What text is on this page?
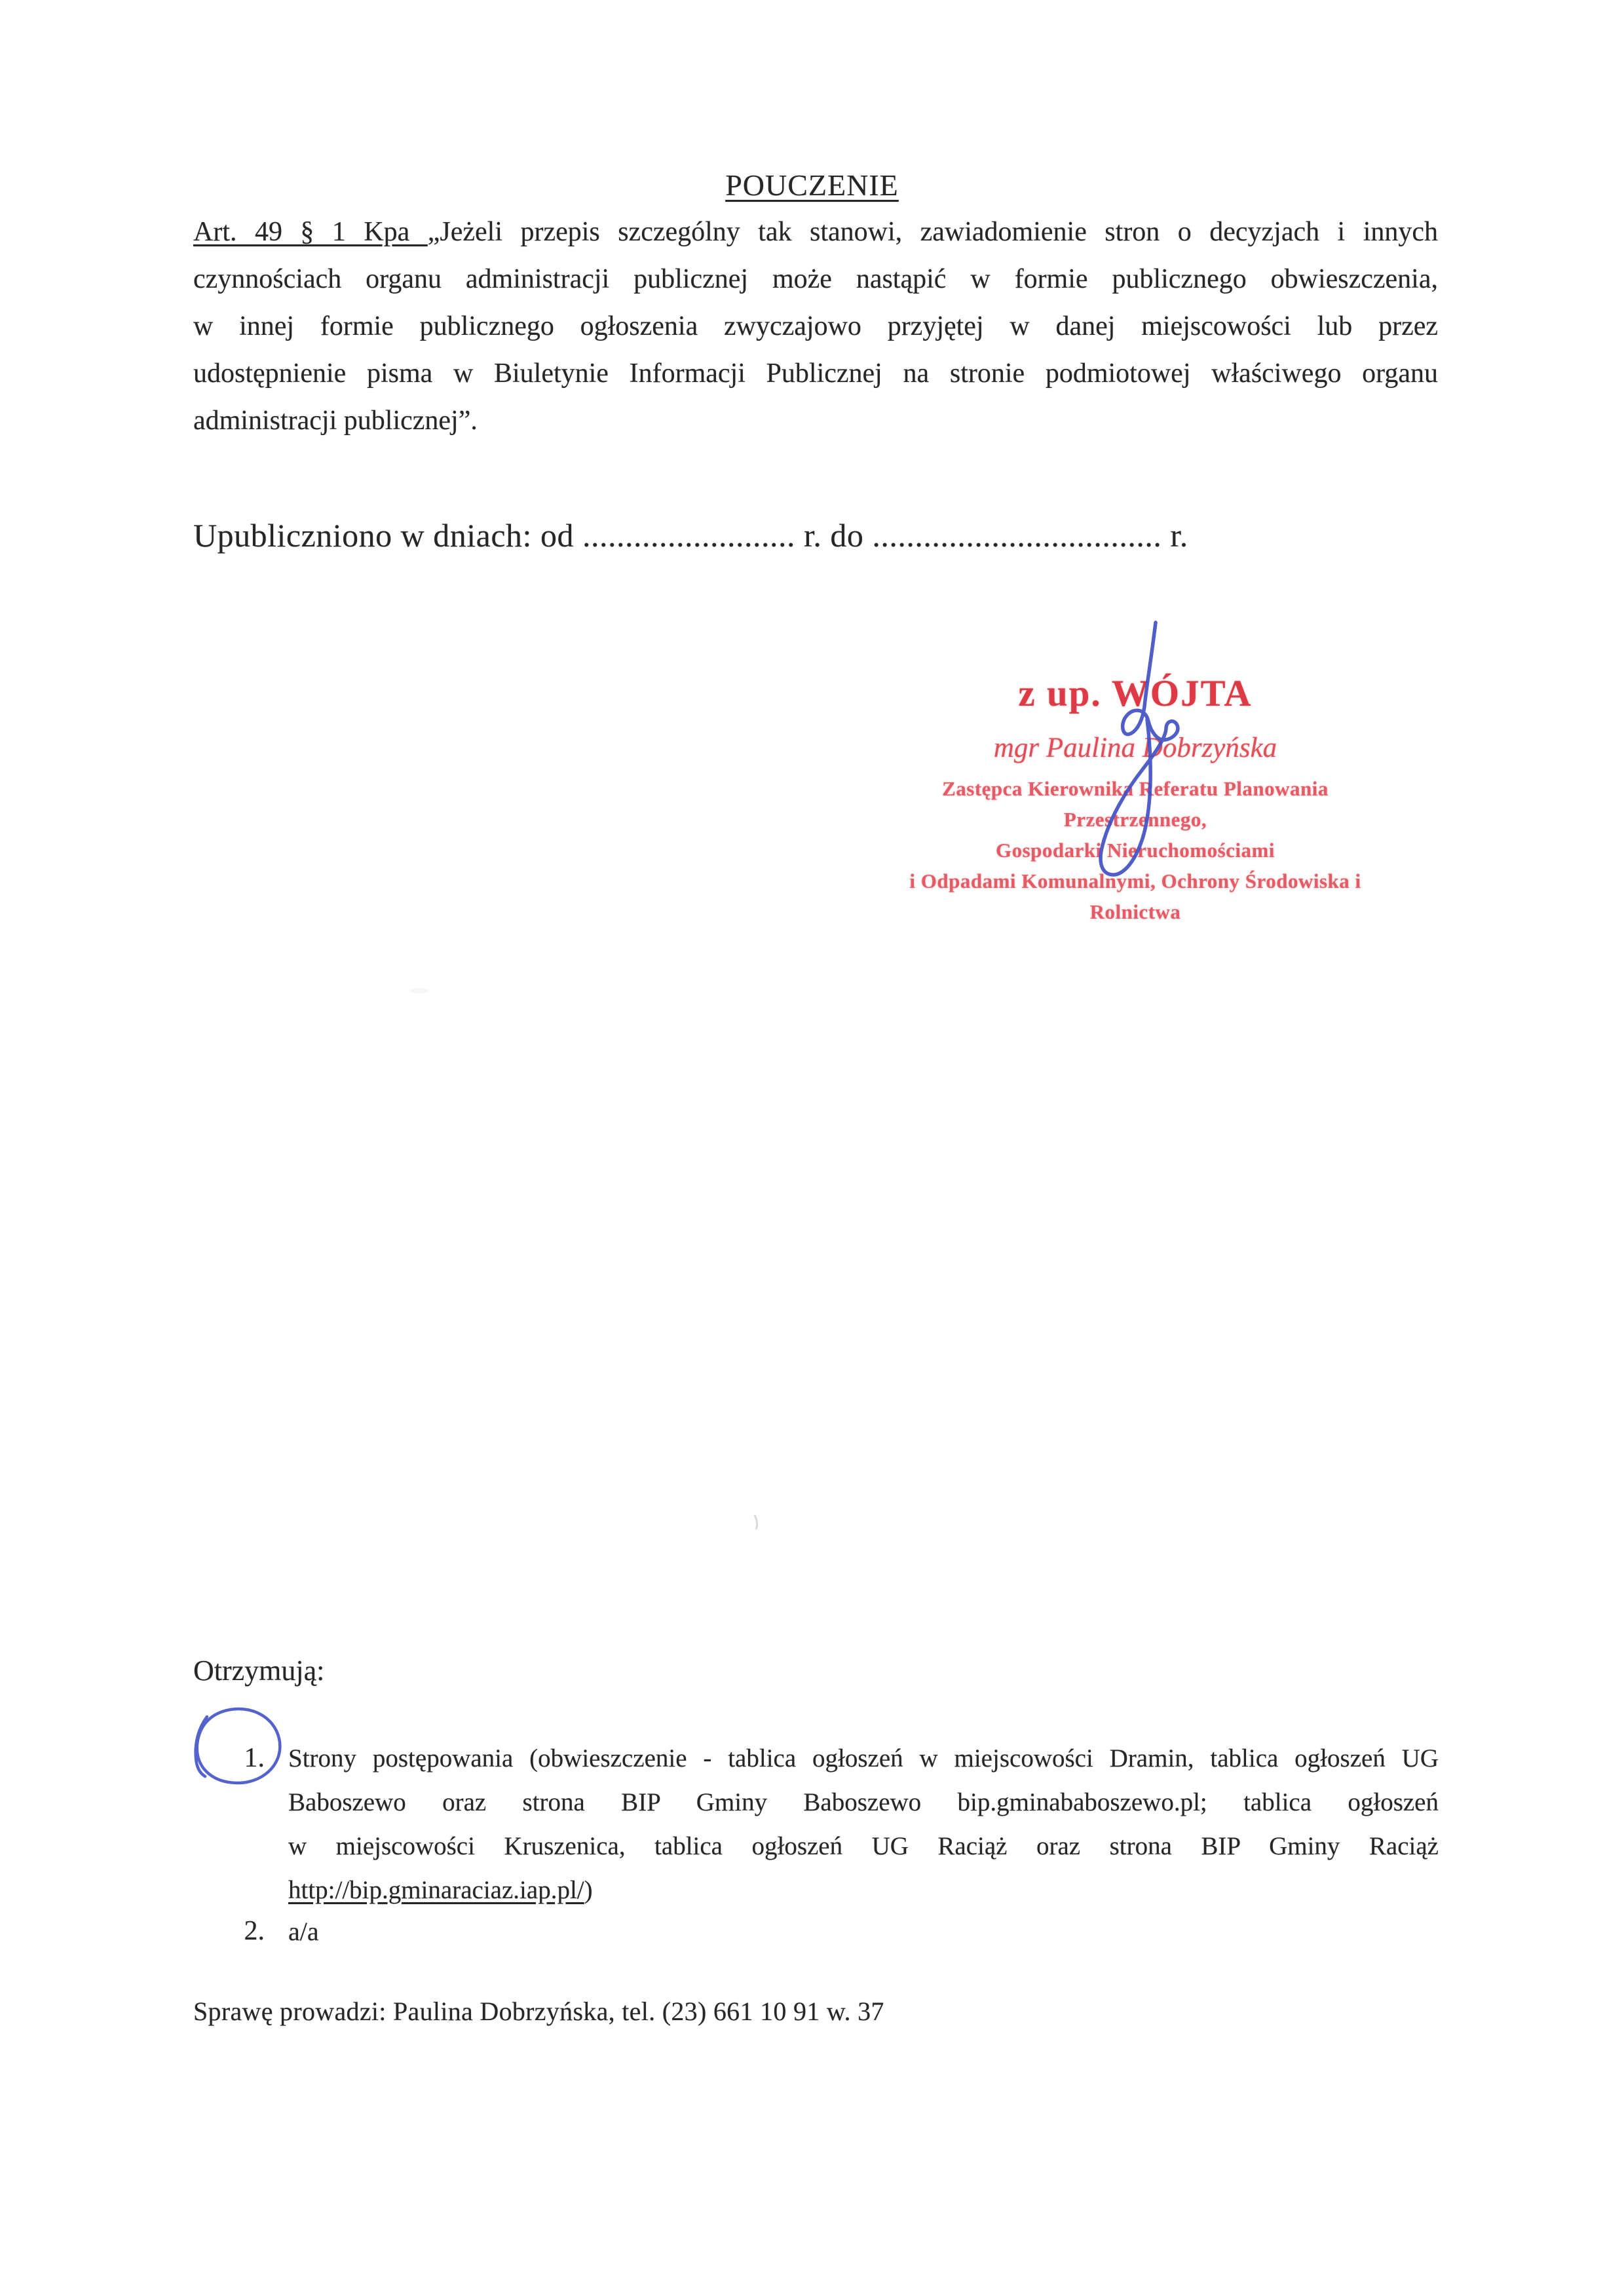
POUCZENIE
Art. 49 § 1 Kpa „Jeżeli przepis szczególny tak stanowi, zawiadomienie stron o decyzjach i innych
czynnościach organu administracji publicznej może nastąpić w formie publicznego obwieszczenia,
w innej formie publicznego ogłoszenia zwyczajowo przyjętej w danej miejscowości lub przez
udostępnienie pisma w Biuletynie Informacji Publicznej na stronie podmiotowej właściwego organu
administracji publicznej”.
Upubliczniono w dniach: od ......................... r. do .................................. r.
z up. WÓJTA
mgr Paulina Dobrzyńska
Zastępca Kierownika Referatu Planowania Przestrzennego,
Gospodarki Nieruchomościami
i Odpadami Komunalnymi, Ochrony Środowiska i Rolnictwa
Otrzymują:
1. Strony postępowania (obwieszczenie - tablica ogłoszeń w miejscowości Dramin, tablica ogłoszeń UG
Baboszewo oraz strona BIP Gminy Baboszewo bip.gminababoszewo.pl; tablica ogłoszeń
w miejscowości Kruszenica, tablica ogłoszeń UG Raciąż oraz strona BIP Gminy Raciąż
http://bip.gminaraciaz.iap.pl/)
2. a/a
Sprawę prowadzi: Paulina Dobrzyńska, tel. (23) 661 10 91 w. 37
